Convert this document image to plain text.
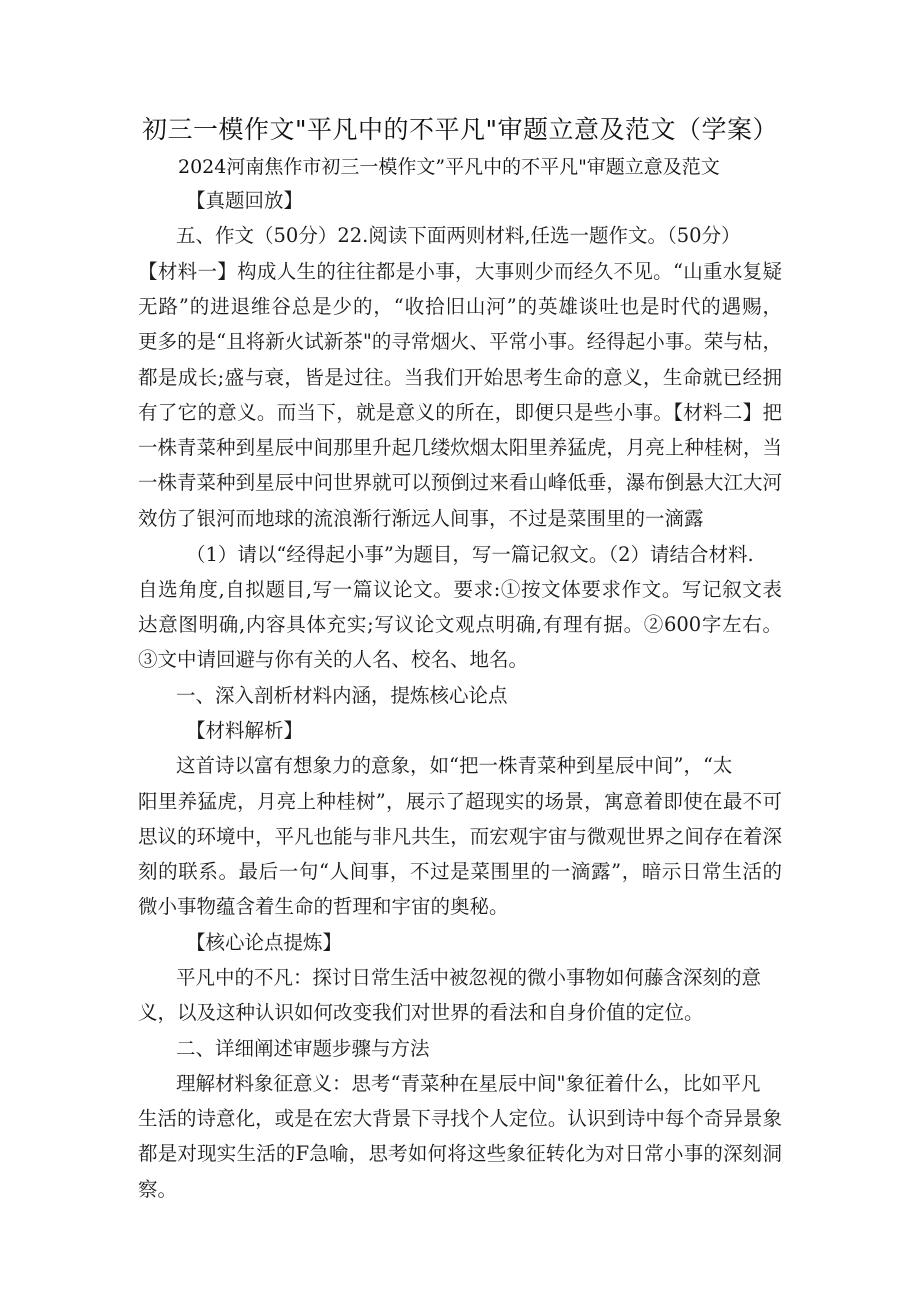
初三一模作文"平凡中的不平凡"审题立意及范文（学案）
2024河南焦作市初三一模作文”平凡中的不平凡"审题立意及范文
【真题回放】
五、作文（50分）22.阅读下面两则材料,任选一题作文。（50分）
【材料一】构成人生的往往都是小事，大事则少而经久不见。“山重水复疑
无路”的进退维谷总是少的，“收拾旧山河”的英雄谈吐也是时代的遇赐，
更多的是“且将新火试新茶"的寻常烟火、平常小事。经得起小事。荣与枯，
都是成长;盛与衰，皆是过往。当我们开始思考生命的意义，生命就已经拥
有了它的意义。而当下，就是意义的所在，即便只是些小事。【材料二】把
一株青菜种到星辰中间那里升起几缕炊烟太阳里养猛虎，月亮上种桂树，当
一株青菜种到星辰中问世界就可以预倒过来看山峰低垂，瀑布倒悬大江大河
效仿了银河而地球的流浪渐行渐远人间事，不过是菜围里的一滴露
（1）请以“经得起小事”为题目，写一篇记叙文。（2）请结合材料.
自选角度,自拟题目,写一篇议论文。要求:①按文体要求作文。写记叙文表
达意图明确,内容具体充实;写议论文观点明确,有理有据。②600字左右。
③文中请回避与你有关的人名、校名、地名。
一、深入剖析材料内涵，提炼核心论点
【材料解析】
这首诗以富有想象力的意象，如“把一株青菜种到星辰中间”，“太
阳里养猛虎，月亮上种桂树”，展示了超现实的场景，寓意着即使在最不可
思议的环境中，平凡也能与非凡共生，而宏观宇宙与微观世界之间存在着深
刻的联系。最后一句“人间事，不过是菜围里的一滴露”，暗示日常生活的
微小事物蕴含着生命的哲理和宇宙的奥秘。
【核心论点提炼】
平凡中的不凡：探讨日常生活中被忽视的微小事物如何藤含深刻的意
义，以及这种认识如何改变我们对世界的看法和自身价值的定位。
二、详细阐述审题步骤与方法
理解材料象征意义：思考“青菜种在星辰中间"象征着什么，比如平凡
生活的诗意化，或是在宏大背景下寻找个人定位。认识到诗中每个奇异景象
都是对现实生活的F急喻，思考如何将这些象征转化为对日常小事的深刻洞
察。
